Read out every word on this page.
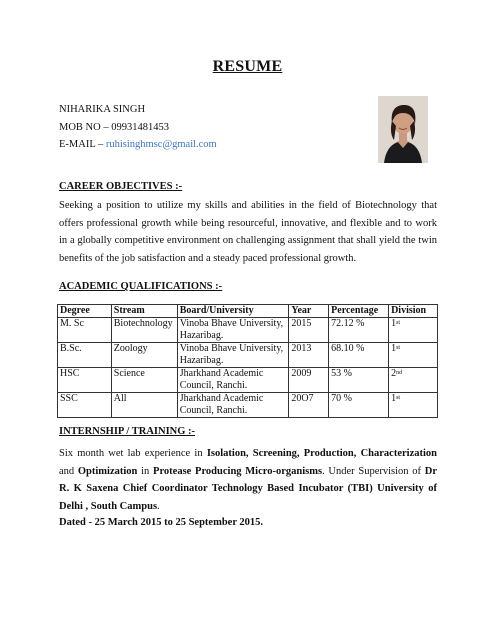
RESUME
NIHARIKA SINGH
MOB NO – 09931481453
E-MAIL – ruhisinghmsc@gmail.com
CAREER OBJECTIVES :-
Seeking a position to utilize my skills and abilities in the field of Biotechnology that offers professional growth while being resourceful, innovative, and flexible and to work in a globally competitive environment on challenging assignment that shall yield the twin benefits of the job satisfaction and a steady paced professional growth.
ACADEMIC QUALIFICATIONS :-
Degree	Stream	Board/University	Year	Percentage	Division
M. Sc	Biotechnology	Vinoba Bhave University, Hazaribag.	2015	72.12 %	1st
B.Sc.	Zoology	Vinoba Bhave University, Hazaribag.	2013	68.10 %	1st
HSC	Science	Jharkhand Academic Council, Ranchi.	2009	53 %	2nd
SSC	All	Jharkhand Academic Council, Ranchi.	20O7	70 %	1st
INTERNSHIP / TRAINING :-
Six month wet lab experience in Isolation, Screening, Production, Characterization and Optimization in Protease Producing Micro-organisms. Under Supervision of Dr R. K Saxena Chief Coordinator Technology Based Incubator (TBI) University of Delhi , South Campus.
Dated - 25 March 2015 to 25 September 2015.
